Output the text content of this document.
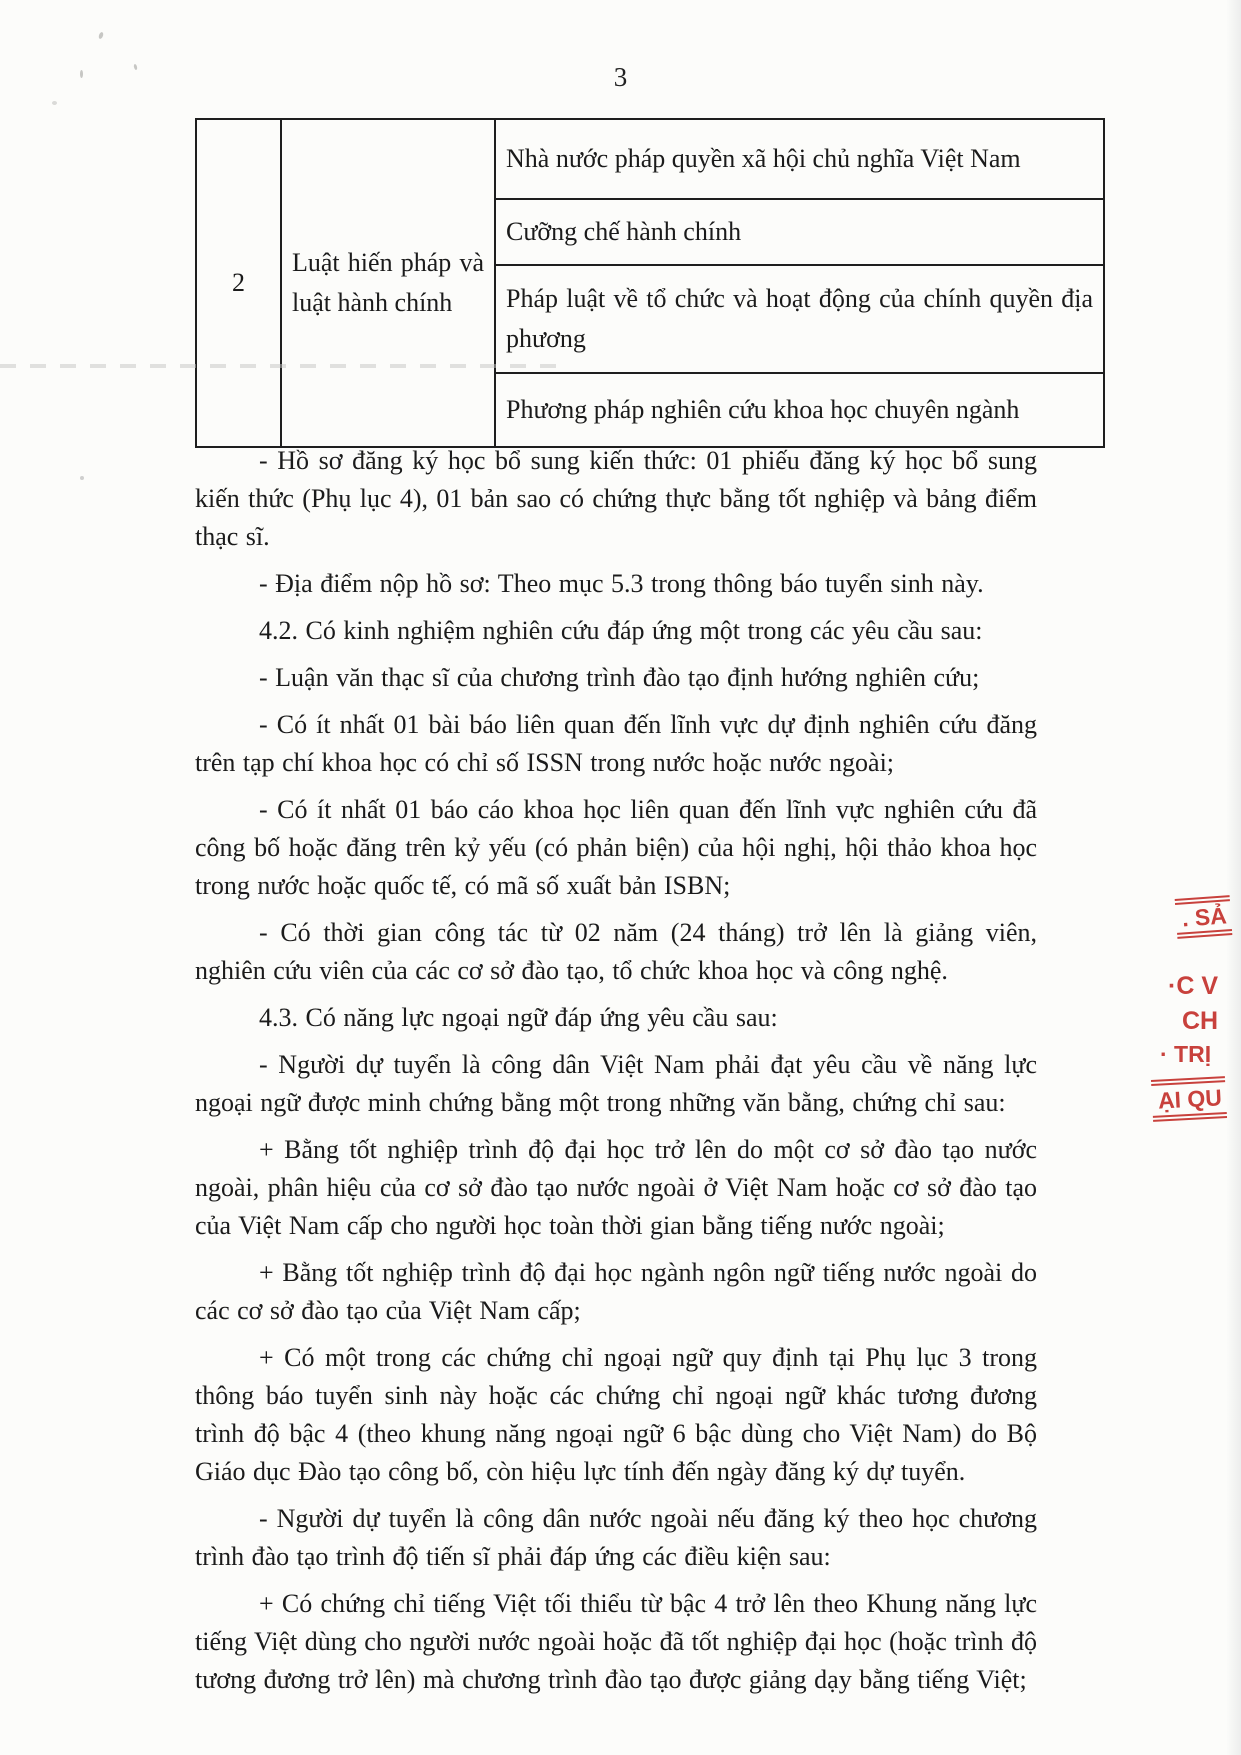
3
2	Luật hiến pháp và luật hành chính	Nhà nước pháp quyền xã hội chủ nghĩa Việt Nam
Cưỡng chế hành chính
Pháp luật về tổ chức và hoạt động của chính quyền địa phương
Phương pháp nghiên cứu khoa học chuyên ngành

- Hồ sơ đăng ký học bổ sung kiến thức: 01 phiếu đăng ký học bổ sung kiến thức (Phụ lục 4), 01 bản sao có chứng thực bằng tốt nghiệp và bảng điểm thạc sĩ.

- Địa điểm nộp hồ sơ: Theo mục 5.3 trong thông báo tuyển sinh này.

4.2. Có kinh nghiệm nghiên cứu đáp ứng một trong các yêu cầu sau:

- Luận văn thạc sĩ của chương trình đào tạo định hướng nghiên cứu;

- Có ít nhất 01 bài báo liên quan đến lĩnh vực dự định nghiên cứu đăng trên tạp chí khoa học có chỉ số ISSN trong nước hoặc nước ngoài;

- Có ít nhất 01 báo cáo khoa học liên quan đến lĩnh vực nghiên cứu đã công bố hoặc đăng trên kỷ yếu (có phản biện) của hội nghị, hội thảo khoa học trong nước hoặc quốc tế, có mã số xuất bản ISBN;

- Có thời gian công tác từ 02 năm (24 tháng) trở lên là giảng viên, nghiên cứu viên của các cơ sở đào tạo, tổ chức khoa học và công nghệ.

4.3. Có năng lực ngoại ngữ đáp ứng yêu cầu sau:

- Người dự tuyển là công dân Việt Nam phải đạt yêu cầu về năng lực ngoại ngữ được minh chứng bằng một trong những văn bằng, chứng chỉ sau:

+ Bằng tốt nghiệp trình độ đại học trở lên do một cơ sở đào tạo nước ngoài, phân hiệu của cơ sở đào tạo nước ngoài ở Việt Nam hoặc cơ sở đào tạo của Việt Nam cấp cho người học toàn thời gian bằng tiếng nước ngoài;

+ Bằng tốt nghiệp trình độ đại học ngành ngôn ngữ tiếng nước ngoài do các cơ sở đào tạo của Việt Nam cấp;

+ Có một trong các chứng chỉ ngoại ngữ quy định tại Phụ lục 3 trong thông báo tuyển sinh này hoặc các chứng chỉ ngoại ngữ khác tương đương trình độ bậc 4 (theo khung năng ngoại ngữ 6 bậc dùng cho Việt Nam) do Bộ Giáo dục Đào tạo công bố, còn hiệu lực tính đến ngày đăng ký dự tuyển.

- Người dự tuyển là công dân nước ngoài nếu đăng ký theo học chương trình đào tạo trình độ tiến sĩ phải đáp ứng các điều kiện sau:

+ Có chứng chỉ tiếng Việt tối thiểu từ bậc 4 trở lên theo Khung năng lực tiếng Việt dùng cho người nước ngoài hoặc đã tốt nghiệp đại học (hoặc trình độ tương đương trở lên) mà chương trình đào tạo được giảng dạy bằng tiếng Việt;

. SẢ
·C V
CH
· TRỊ
ẠI QU
